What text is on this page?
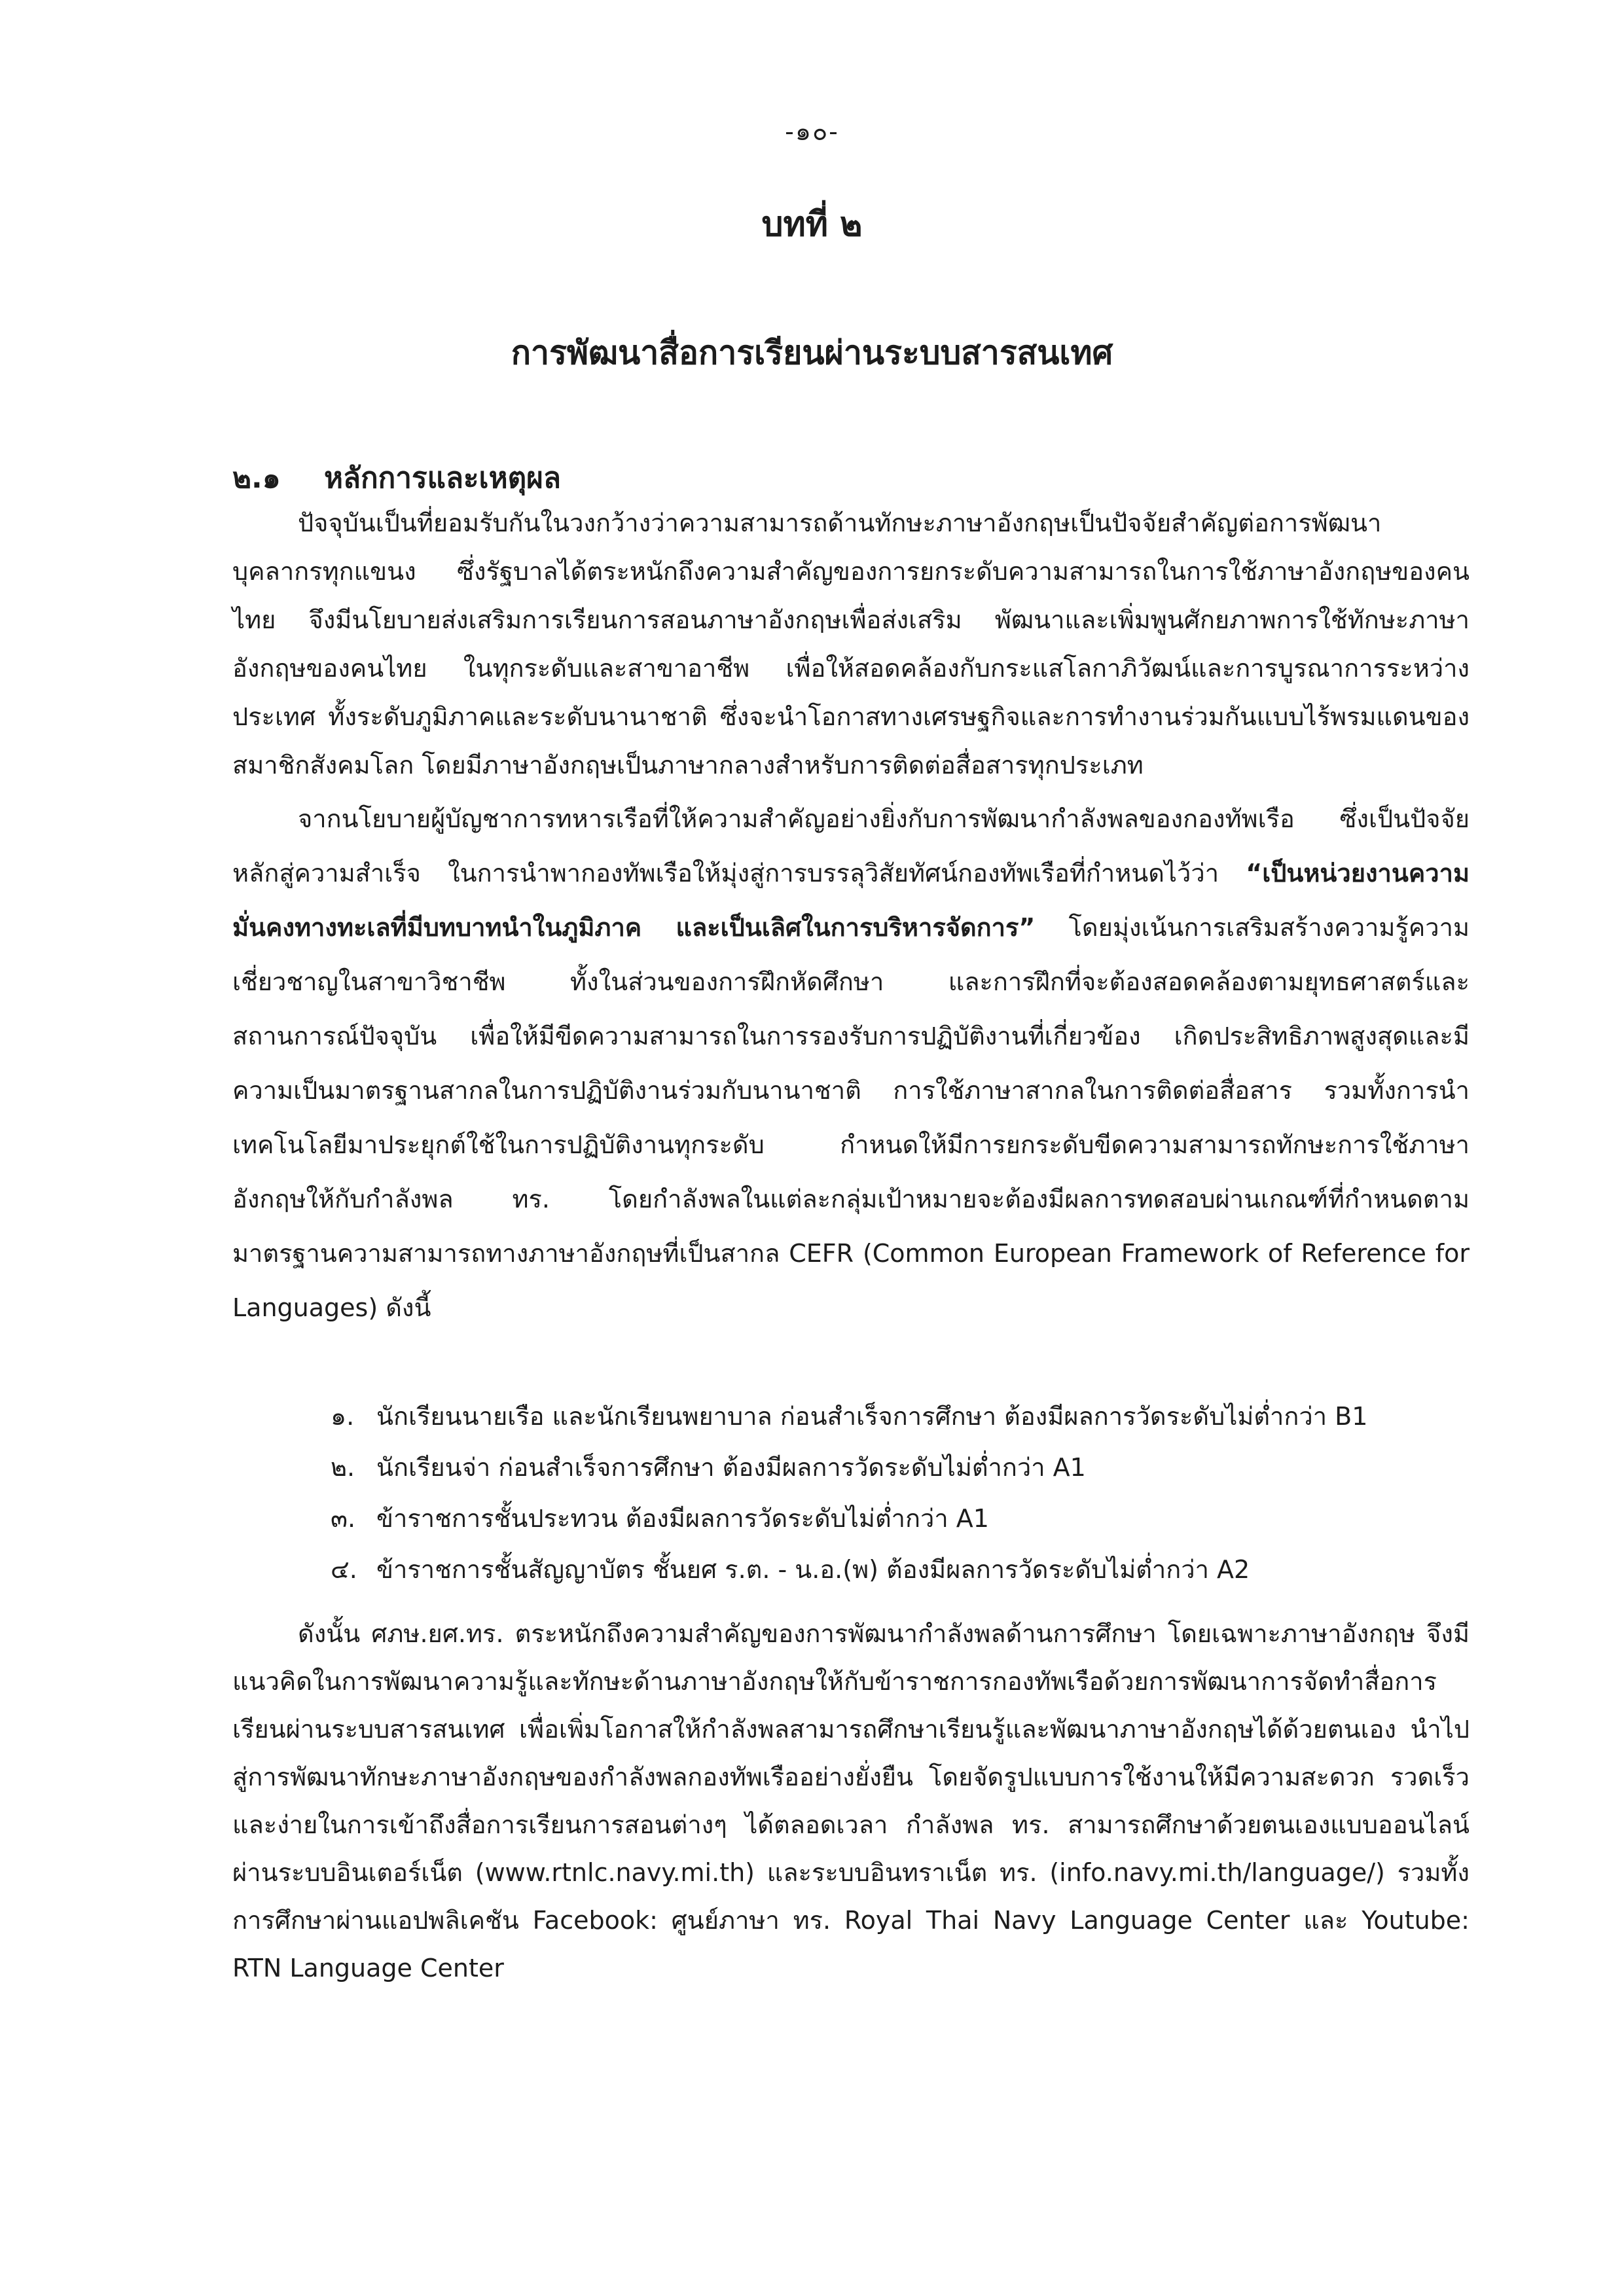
-๑๐-
บทที่ ๒
การพัฒนาสื่อการเรียนผ่านระบบสารสนเทศ
๒.๑ หลักการและเหตุผล

ปัจจุบันเป็นที่ยอมรับกันในวงกว้างว่าความสามารถด้านทักษะภาษาอังกฤษเป็นปัจจัยสำคัญต่อการพัฒนาบุคลากรทุกแขนง ซึ่งรัฐบาลได้ตระหนักถึงความสำคัญของการยกระดับความสามารถในการใช้ภาษาอังกฤษของคนไทย จึงมีนโยบายส่งเสริมการเรียนการสอนภาษาอังกฤษเพื่อส่งเสริม พัฒนาและเพิ่มพูนศักยภาพการใช้ทักษะภาษาอังกฤษของคนไทย ในทุกระดับและสาขาอาชีพ เพื่อให้สอดคล้องกับกระแสโลกาภิวัฒน์และการบูรณาการระหว่างประเทศ ทั้งระดับภูมิภาคและระดับนานาชาติ ซึ่งจะนำโอกาสทางเศรษฐกิจและการทำงานร่วมกันแบบไร้พรมแดนของสมาชิกสังคมโลก โดยมีภาษาอังกฤษเป็นภาษากลางสำหรับการติดต่อสื่อสารทุกประเภท

จากนโยบายผู้บัญชาการทหารเรือที่ให้ความสำคัญอย่างยิ่งกับการพัฒนากำลังพลของกองทัพเรือ ซึ่งเป็นปัจจัยหลักสู่ความสำเร็จ ในการนำพากองทัพเรือให้มุ่งสู่การบรรลุวิสัยทัศน์กองทัพเรือที่กำหนดไว้ว่า “เป็นหน่วยงานความมั่นคงทางทะเลที่มีบทบาทนำในภูมิภาค และเป็นเลิศในการบริหารจัดการ” โดยมุ่งเน้นการเสริมสร้างความรู้ความเชี่ยวชาญในสาขาวิชาชีพ ทั้งในส่วนของการฝึกหัดศึกษา และการฝึกที่จะต้องสอดคล้องตามยุทธศาสตร์และสถานการณ์ปัจจุบัน เพื่อให้มีขีดความสามารถในการรองรับการปฏิบัติงานที่เกี่ยวข้อง เกิดประสิทธิภาพสูงสุดและมีความเป็นมาตรฐานสากลในการปฏิบัติงานร่วมกับนานาชาติ การใช้ภาษาสากลในการติดต่อสื่อสาร รวมทั้งการนำเทคโนโลยีมาประยุกต์ใช้ในการปฏิบัติงานทุกระดับ กำหนดให้มีการยกระดับขีดความสามารถทักษะการใช้ภาษาอังกฤษให้กับกำลังพล ทร. โดยกำลังพลในแต่ละกลุ่มเป้าหมายจะต้องมีผลการทดสอบผ่านเกณฑ์ที่กำหนดตามมาตรฐานความสามารถทางภาษาอังกฤษที่เป็นสากล CEFR (Common European Framework of Reference for Languages) ดังนี้

๑. นักเรียนนายเรือ และนักเรียนพยาบาล ก่อนสำเร็จการศึกษา ต้องมีผลการวัดระดับไม่ต่ำกว่า B1
๒. นักเรียนจ่า ก่อนสำเร็จการศึกษา ต้องมีผลการวัดระดับไม่ต่ำกว่า A1
๓. ข้าราชการชั้นประทวน ต้องมีผลการวัดระดับไม่ต่ำกว่า A1
๔. ข้าราชการชั้นสัญญาบัตร ชั้นยศ ร.ต. - น.อ.(พ) ต้องมีผลการวัดระดับไม่ต่ำกว่า A2

ดังนั้น ศภษ.ยศ.ทร. ตระหนักถึงความสำคัญของการพัฒนากำลังพลด้านการศึกษา โดยเฉพาะภาษาอังกฤษ จึงมีแนวคิดในการพัฒนาความรู้และทักษะด้านภาษาอังกฤษให้กับข้าราชการกองทัพเรือด้วยการพัฒนาการจัดทำสื่อการเรียนผ่านระบบสารสนเทศ เพื่อเพิ่มโอกาสให้กำลังพลสามารถศึกษาเรียนรู้และพัฒนาภาษาอังกฤษได้ด้วยตนเอง นำไปสู่การพัฒนาทักษะภาษาอังกฤษของกำลังพลกองทัพเรืออย่างยั่งยืน โดยจัดรูปแบบการใช้งานให้มีความสะดวก รวดเร็วและง่ายในการเข้าถึงสื่อการเรียนการสอนต่างๆ ได้ตลอดเวลา กำลังพล ทร. สามารถศึกษาด้วยตนเองแบบออนไลน์ ผ่านระบบอินเตอร์เน็ต (www.rtnlc.navy.mi.th) และระบบอินทราเน็ต ทร. (info.navy.mi.th/language/) รวมทั้งการศึกษาผ่านแอปพลิเคชัน Facebook: ศูนย์ภาษา ทร. Royal Thai Navy Language Center และ Youtube: RTN Language Center
